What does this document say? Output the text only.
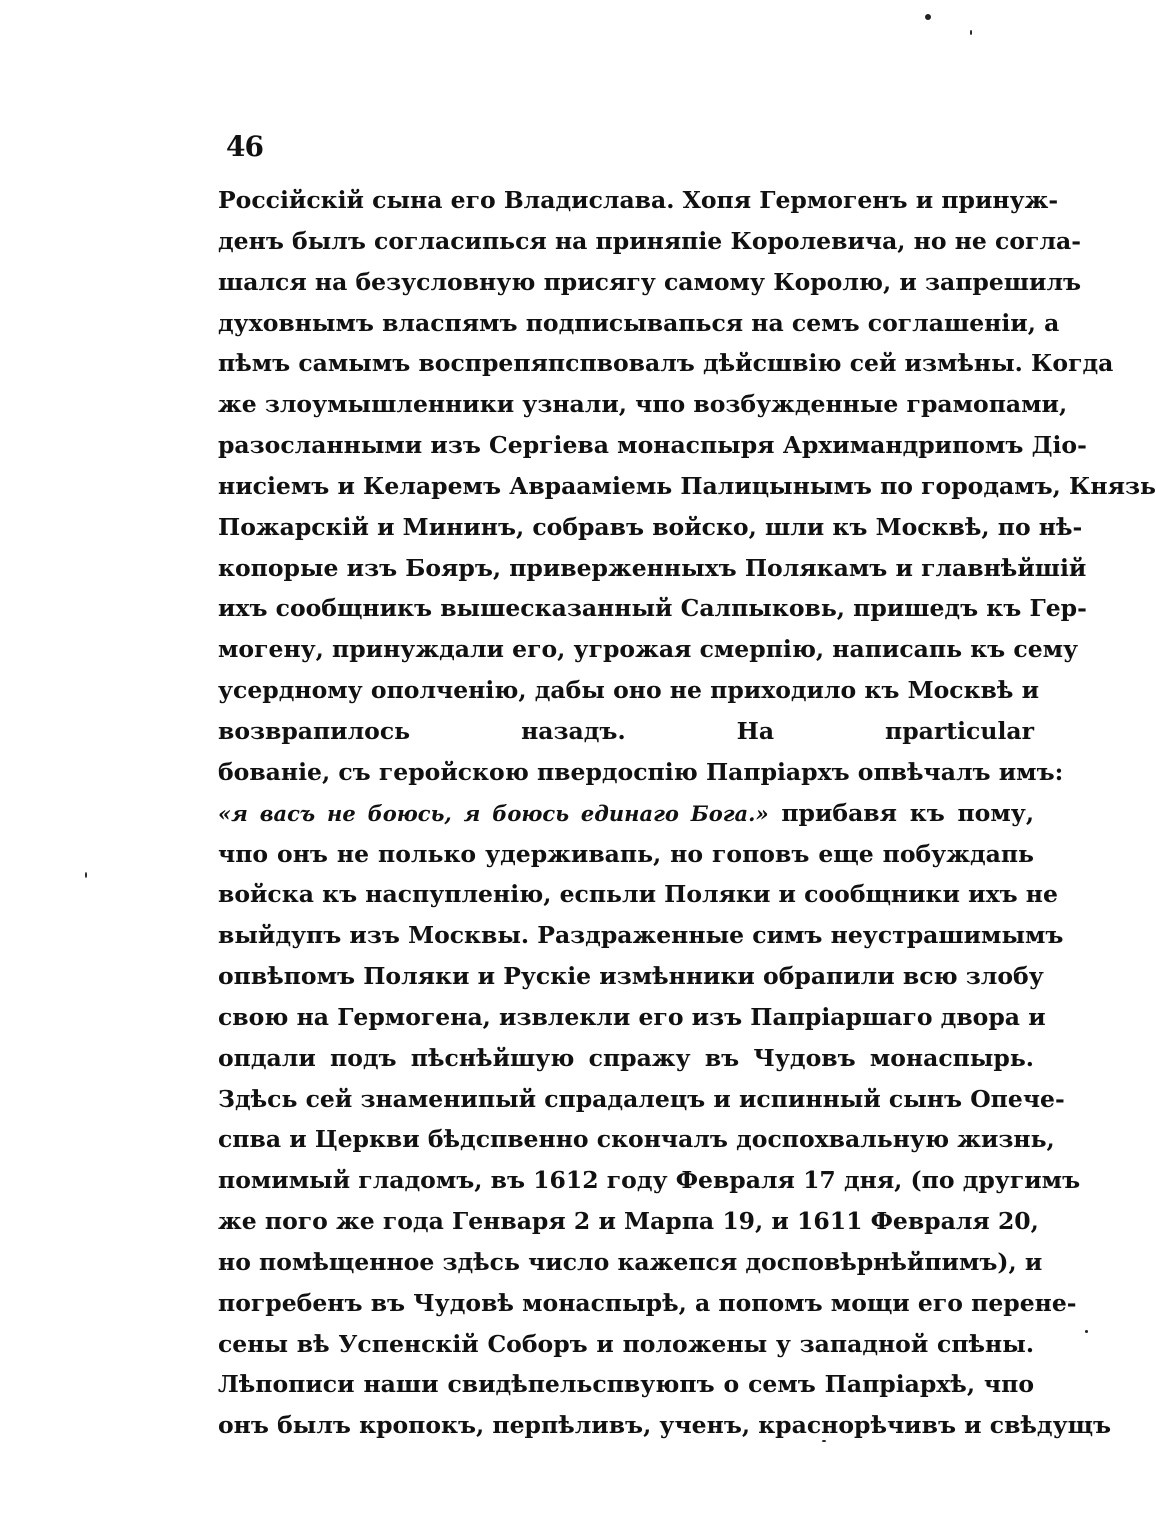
46
Россійскій сына его Владислава. Хопя Гермогенъ и принуж-
денъ былъ согласипься на приняпіе Королевича, но не согла-
шался на безусловную присягу самому Королю, и запрешилъ
духовнымъ власпямъ подписывапься на семъ соглашеніи, а
пѣмъ самымъ воспрепяпспвовалъ дѣйсшвію сей измѣны. Когда
же злоумышленники узнали, чпо возбужденные грамопами,
разосланными изъ Сергіева монаспыря Архимандрипомъ Діо-
нисіемъ и Келаремъ Авраамiемь Палицынымъ по городамъ, Князь
Пожарскій и Мининъ, собравъ войско, шли къ Москвѣ, по нѣ-
копорые изъ Бояръ, приверженныхъ Полякамъ и главнѣйшій
ихъ сообщникъ вышесказанный Салпыковь, пришедъ къ Гер-
могену, принуждали его, угрожая смерпію, написапь къ сему
усердному ополченію, дабы оно не приходило къ Москвѣ и
возврапилось назадъ. На пparticular
бованіе, съ геройскою пвердоспію Папріархъ опвѣчалъ имъ:
«я васъ не боюсь, я боюсь единаго Бога.» прибавя къ пому,
чпо онъ не полько удерживапь, но гоповъ еще побуждапь
войска къ наспупленію, еспьли Поляки и сообщники ихъ не
выйдупъ изъ Москвы. Раздраженные симъ неустрашимымъ
опвѣпомъ Поляки и Рускіе измѣнники обрапили всю злобу
свою на Гермогена, извлекли его изъ Папріаршаго двора и
опдали подъ пѣснѣйшую спражу въ Чудовъ монаспырь.
Здѣсь сей знаменипый спрадалецъ и испинный сынъ Опече-
спва и Церкви бѣдспвенно скончалъ доспохвальную жизнь,
помимый гладомъ, въ 1612 году Февраля 17 дня, (по другимъ
же пого же года Генваря 2 и Марпа 19, и 1611 Февраля 20,
но помѣщенное здѣсь число кажепся досповѣрнѣйпимъ), и
погребенъ въ Чудовѣ монаспырѣ, а попомъ мощи его перене-
сены вѣ Успенскій Соборъ и положены у западной спѣны.
Лѣпописи наши свидѣпельспвуюпъ о семъ Папріархѣ, чпо
онъ былъ кропокъ, перпѣливъ, ученъ, краснорѣчивъ и свѣдущъ
